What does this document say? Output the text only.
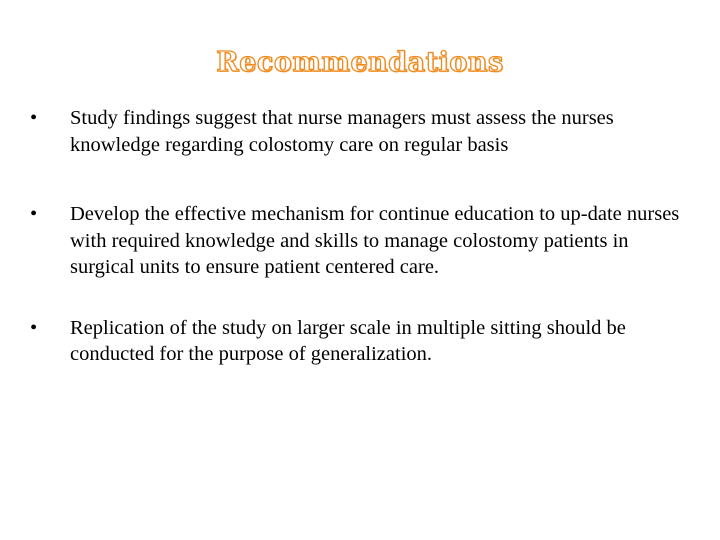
Recommendations
•	Study findings suggest that nurse managers must assess the nurses knowledge regarding colostomy care on regular basis
•	Develop the effective mechanism for continue education to up-date nurses with required knowledge and skills to manage colostomy patients in surgical units to ensure patient centered care.
•	Replication of the study on larger scale in multiple sitting should be conducted for the purpose of generalization.
